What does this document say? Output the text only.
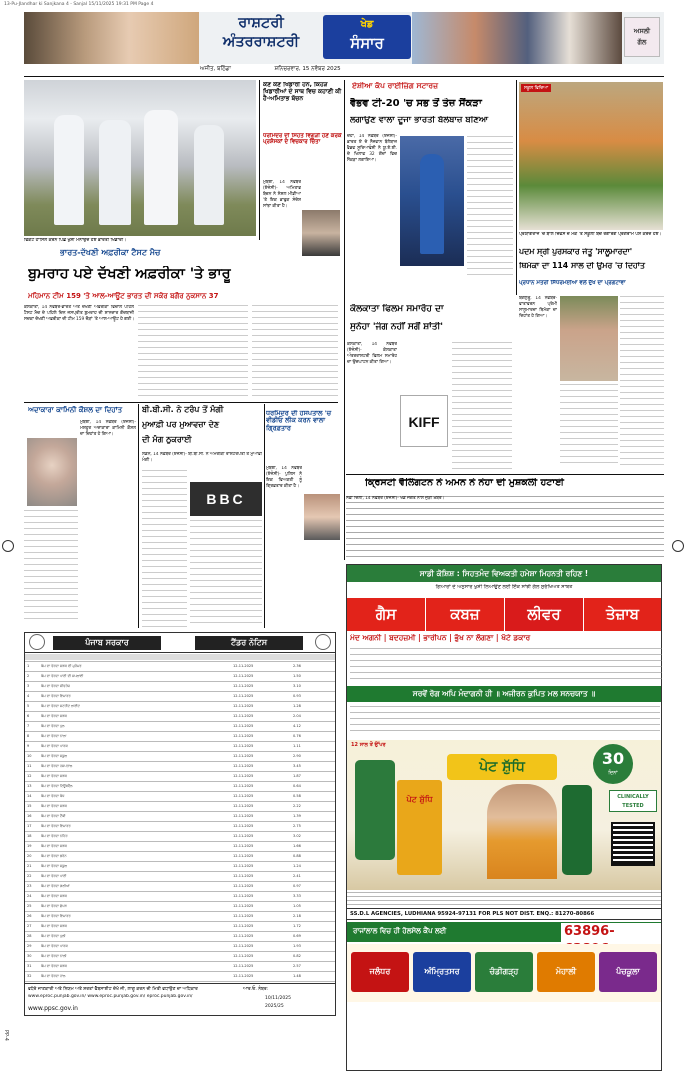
PP-4
13-Pu-Jlandhar ki Sanjkana 4 - Sanjal 15/11/2025 19:31 PM Page 4
ਰਾਸ਼ਟਰੀ
ਅੰਤਰਰਾਸ਼ਟਰੀ
ਖੇਡ
ਸੰਸਾਰ
ਅਸਲੀ
ਗੱਲ
ਅਜੀਤ, ਬਠਿੰਡਾ	ਸ਼ਨਿਚਰਵਾਰ, 15 ਨਵੰਬਰ 2025
ਵਿਕਟ ਹਾਸਿਲ ਕਰਨ ਪਿੱਛੋਂ ਖੁਸ਼ੀ ਮਨਾਉਂਦੇ ਹੋਏ ਭਾਰਤੀ ਖਿਡਾਰੀ।
ਭਾਰਤ-ਦੱਖਣੀ ਅਫ਼ਰੀਕਾ ਟੈਸਟ ਮੈਚ
ਬੁਮਰਾਹ ਪਏ ਦੱਖਣੀ ਅਫ਼ਰੀਕਾ 'ਤੇ ਭਾਰੂ
ਮਹਿਮਾਨ ਟੀਮ 159 'ਤੇ ਆਲ-ਆਊਟ ਭਾਰਤ ਦੀ ਸਕੋਰ ਬਗੈਰ ਨੁਕਸਾਨ 37
ਕੋਲਕਾਤਾ, 14 ਨਵੰਬਰ-ਭਾਰਤ ਅਤੇ ਦੱਖਣੀ ਅਫ਼ਰੀਕਾ ਵਿਚਾਲੇ ਪਹਿਲੇ ਟੈਸਟ ਮੈਚ ਦੇ ਪਹਿਲੇ ਦਿਨ ਜਸਪ੍ਰੀਤ ਬੁਮਰਾਹ ਦੀ ਸ਼ਾਨਦਾਰ ਗੇਂਦਬਾਜ਼ੀ ਸਦਕਾ ਦੱਖਣੀ ਅਫ਼ਰੀਕਾ ਦੀ ਟੀਮ 159 ਦੌੜਾਂ 'ਤੇ ਆਲ-ਆਊਟ ਹੋ ਗਈ।
ਕੌਣ ਕੌਣ ਖਿਡਾਰੀ ਹਨ, ਕਿਹੜੇ ਖਿਡਾਰੀਆਂ ਦੇ ਸਾਥ ਵਿਚ ਕਹਾਣੀ ਕੀ ਹੈ-ਅਮਿਤਾਭ ਬੱਚਨ
ਧਰਮਿੰਦਰ ਦੀ ਸਿਹਤ ਵਿਗੜੀ ਹੋਣ ਕਰਕੇ ਪ੍ਰਸ਼ੰਸਕਾਂ ਦੇ ਵਿਚਕਾਰ ਚਿੰਤਾ
ਮੁੰਬਈ, 14 ਨਵੰਬਰ (ਏਜੰਸੀ)- ਅਮਿਤਾਭ ਬੱਚਨ ਨੇ ਸੋਸ਼ਲ ਮੀਡੀਆ 'ਤੇ ਇਕ ਭਾਵੁਕ ਸੰਦੇਸ਼ ਸਾਂਝਾ ਕੀਤਾ ਹੈ।
ਏਸ਼ੀਆ ਕੱਪ ਰਾਈਜ਼ਿੰਗ ਸਟਾਰਜ਼
ਵੈਭਵ ਟੀ-20 'ਚ ਸਭ ਤੋਂ ਤੇਜ਼ ਸੈਂਕੜਾ
ਲਗਾਉਣ ਵਾਲਾ ਦੂਜਾ ਭਾਰਤੀ ਬੱਲੇਬਾਜ਼ ਬਣਿਆ
ਦੋਹਾ, 14 ਨਵੰਬਰ (ਏਜੰਸੀ)- ਭਾਰਤ ਏ ਦੇ ਨੌਜਵਾਨ ਬੱਲੇਬਾਜ਼ ਵੈਭਵ ਸੂਰਿਆਵੰਸ਼ੀ ਨੇ ਯੂ.ਏ.ਈ. ਦੇ ਖਿਲਾਫ 32 ਗੇਂਦਾਂ ਵਿਚ ਸੈਂਕੜਾ ਲਗਾਇਆ।
ਕੋਲਕਾਤਾ ਫਿਲਮ ਸਮਾਰੋਹ ਦਾ
ਸੁਨੇਹਾ 'ਜੰਗ ਨਹੀਂ ਸਗੋਂ ਸ਼ਾਂਤੀ'
ਕੋਲਕਾਤਾ, 14 ਨਵੰਬਰ (ਏਜੰਸੀ)- ਕੋਲਕਾਤਾ ਅੰਤਰਰਾਸ਼ਟਰੀ ਫਿਲਮ ਸਮਾਰੋਹ ਦਾ ਉਦਘਾਟਨ ਕੀਤਾ ਗਿਆ।
KIFF
ਸਕੂਲ ਵਿਦਿਆ
ਪ੍ਰਯਾਗਰਾਜ 'ਚ ਬਾਲ ਦਿਵਸ ਦੇ ਮੌਕੇ 'ਤੇ ਸਕੂਲੀ ਬੱਚੇ ਰੰਗਾਰੰਗ ਪ੍ਰੋਗਰਾਮ ਪੇਸ਼ ਕਰਦੇ ਹੋਏ।
ਪਦਮ ਸ੍ਰੀ ਪੁਰਸਕਾਰ ਜੇਤੂ 'ਸਾਲੂਮਾਰਦਾ'
ਥਿਮੱਕਾ ਦਾ 114 ਸਾਲ ਦੀ ਉਮਰ 'ਚ ਦਿਹਾਂਤ
ਪ੍ਰਧਾਨ ਮੰਤਰੀ ਸਿੱਧਰਮਈਆ ਵਲੋਂ ਦੁੱਖ ਦਾ ਪ੍ਰਗਟਾਵਾ
ਬੈਂਗਲੁਰੂ, 14 ਨਵੰਬਰ- ਵਾਤਾਵਰਨ ਪ੍ਰੇਮੀ ਸਾਲੂਮਾਰਦਾ ਥਿਮੱਕਾ ਦਾ ਦਿਹਾਂਤ ਹੋ ਗਿਆ।
ਕ੍ਰਿਸਟੀ ਵੈਲਿੰਗਟਨ ਨੇ ਅਮਨ ਨੇ ਨੇਹਾ ਦੀ ਮੁਸ਼ਕਲੀ ਹਟਾਈ
ਨਵੀਂ ਦਿੱਲੀ, 14 ਨਵੰਬਰ (ਏਜੰਸੀ)- ਖੇਡ ਜਗਤ ਨਾਲ ਜੁੜੀ ਖ਼ਬਰ।
ਅਦਾਕਾਰਾ ਕਾਮਿਨੀ ਕੌਸ਼ਲ ਦਾ ਦਿਹਾਂਤ
ਮੁੰਬਈ, 14 ਨਵੰਬਰ (ਏਜੰਸੀ)- ਮਸ਼ਹੂਰ ਅਦਾਕਾਰਾ ਕਾਮਿਨੀ ਕੌਸ਼ਲ ਦਾ ਦਿਹਾਂਤ ਹੋ ਗਿਆ।
ਬੀ.ਬੀ.ਸੀ. ਨੇ ਟਰੰਪ ਤੋਂ ਮੰਗੀ
ਮੁਆਫ਼ੀ ਪਰ ਮੁਆਵਜ਼ਾ ਦੇਣ
ਦੀ ਮੰਗ ਠੁਕਰਾਈ
ਲੰਡਨ, 14 ਨਵੰਬਰ (ਏਜੰਸੀ)- ਬੀ.ਬੀ.ਸੀ. ਨੇ ਅਮਰੀਕੀ ਰਾਸ਼ਟਰਪਤੀ ਤੋਂ ਮੁਆਫ਼ੀ ਮੰਗੀ।
BBC
ਧਰਮਿੰਦਰ ਦੀ ਹਸਪਤਾਲ 'ਚ ਵੀਡੀਓ ਲੀਕ ਕਰਨ ਵਾਲਾ ਗ੍ਰਿਫ਼ਤਾਰ
ਮੁੰਬਈ, 14 ਨਵੰਬਰ (ਏਜੰਸੀ)- ਪੁਲਿਸ ਨੇ ਇਕ ਵਿਅਕਤੀ ਨੂੰ ਗ੍ਰਿਫ਼ਤਾਰ ਕੀਤਾ ਹੈ।
ਪੰਜਾਬ ਸਰਕਾਰ	ਟੈਂਡਰ ਨੋਟਿਸ
1	ਕੰਮ ਦਾ ਵੇਰਵਾ ਸੜਕ ਦੀ ਮੁਰੰਮਤ	12-11-2025	2.36
2	ਕੰਮ ਦਾ ਵੇਰਵਾ ਪਾਣੀ ਦੀ ਸਪਲਾਈ	12-11-2025	1.50
3	ਕੰਮ ਦਾ ਵੇਰਵਾ ਸੀਵਰੇਜ	12-11-2025	3.10
4	ਕੰਮ ਦਾ ਵੇਰਵਾ ਇਮਾਰਤ	12-11-2025	0.93
5	ਕੰਮ ਦਾ ਵੇਰਵਾ ਸਟਰੀਟ ਲਾਈਟ	12-11-2025	1.28
6	ਕੰਮ ਦਾ ਵੇਰਵਾ ਸੜਕ	12-11-2025	2.04
7	ਕੰਮ ਦਾ ਵੇਰਵਾ ਪੁਲ	12-11-2025	4.12
8	ਕੰਮ ਦਾ ਵੇਰਵਾ ਨਾਲਾ	12-11-2025	0.76
9	ਕੰਮ ਦਾ ਵੇਰਵਾ ਪਾਰਕ	12-11-2025	1.11
10	ਕੰਮ ਦਾ ਵੇਰਵਾ ਸਕੂਲ	12-11-2025	2.90
11	ਕੰਮ ਦਾ ਵੇਰਵਾ ਹਸਪਤਾਲ	12-11-2025	3.45
12	ਕੰਮ ਦਾ ਵੇਰਵਾ ਸੜਕ	12-11-2025	1.87
13	ਕੰਮ ਦਾ ਵੇਰਵਾ ਟਿਊਬਵੈੱਲ	12-11-2025	0.64
14	ਕੰਮ ਦਾ ਵੇਰਵਾ ਕੰਧ	12-11-2025	0.58
15	ਕੰਮ ਦਾ ਵੇਰਵਾ ਸੜਕ	12-11-2025	2.22
16	ਕੰਮ ਦਾ ਵੇਰਵਾ ਟੈਂਕੀ	12-11-2025	1.39
17	ਕੰਮ ਦਾ ਵੇਰਵਾ ਇਮਾਰਤ	12-11-2025	2.75
18	ਕੰਮ ਦਾ ਵੇਰਵਾ ਨਹਿਰ	12-11-2025	3.02
19	ਕੰਮ ਦਾ ਵੇਰਵਾ ਸੜਕ	12-11-2025	1.66
20	ਕੰਮ ਦਾ ਵੇਰਵਾ ਡਰੇਨ	12-11-2025	0.88
21	ਕੰਮ ਦਾ ਵੇਰਵਾ ਸਕੂਲ	12-11-2025	1.24
22	ਕੰਮ ਦਾ ਵੇਰਵਾ ਪਾਣੀ	12-11-2025	2.41
23	ਕੰਮ ਦਾ ਵੇਰਵਾ ਗਲੀਆਂ	12-11-2025	0.97
24	ਕੰਮ ਦਾ ਵੇਰਵਾ ਸੜਕ	12-11-2025	3.33
25	ਕੰਮ ਦਾ ਵੇਰਵਾ ਛੱਪੜ	12-11-2025	1.05
26	ਕੰਮ ਦਾ ਵੇਰਵਾ ਇਮਾਰਤ	12-11-2025	2.18
27	ਕੰਮ ਦਾ ਵੇਰਵਾ ਸੜਕ	12-11-2025	1.72
28	ਕੰਮ ਦਾ ਵੇਰਵਾ ਪੁਲੀ	12-11-2025	0.69
29	ਕੰਮ ਦਾ ਵੇਰਵਾ ਪਾਰਕ	12-11-2025	1.93
30	ਕੰਮ ਦਾ ਵੇਰਵਾ ਨਾਲੀ	12-11-2025	0.82
31	ਕੰਮ ਦਾ ਵੇਰਵਾ ਸੜਕ	12-11-2025	2.57
32	ਕੰਮ ਦਾ ਵੇਰਵਾ ਹਾਲ	12-11-2025	1.48
ਵਧੇਰੇ ਜਾਣਕਾਰੀ ਅਤੇ ਨਿਯਮ ਅਤੇ ਸ਼ਰਤਾਂ ਵੈੱਬਸਾਈਟ ਦੇਖੋ ਜੀ, ਲਾਗੂ ਕਰਨ ਦੀ ਮਿਤੀ ਵਧਾਉਣ ਦਾ ਅਧਿਕਾਰ
www.eproc.punjab.gov.in/ www.eproc.punjab.gov.in/ eproc.punjab.gov.in/
www.ppsc.gov.in
ਆਰ.ਓ. ਨੰਬਰ:
10/11/2025
2025/25
ਸਾਡੀ ਕੋਸ਼ਿਸ਼ : ਸਿਹਤਮੰਦ ਵਿਅਕਤੀ ਹਮੇਸ਼ਾ ਮਿਹਨਤੀ ਰਹਿਣ !
ਗਿਆਰਾਂ ਦੇ ਅਨੁਸਾਰ ਖੁਸ਼ੀ ਲਿਆਉਣ ਲਈ ਇੱਕ ਸਾਂਝੀ ਗੱਲ ਸੁਰੱਖਿਅਤ ਸਾਬਤ
ਗੈਸ	ਕਬਜ਼	ਲੀਵਰ	ਤੇਜ਼ਾਬ
ਮੰਦ ਅਗਨੀ | ਬਦਹਜ਼ਮੀ | ਭਾਰੀਪਨ | ਭੁੱਖ ਨਾ ਲੱਗਣਾ | ਖੱਟੇ ਡਕਾਰ
ਸਰਵੋਂ ਰੋਗ ਅਪਿ ਮੰਦਾਗਨੀ ਹੀ ॥ ਅਜੀਰਨ ਕੁਪਿਤ ਮਲ ਸਨਚਯਾਤ ॥
12 ਸਾਲ ਤੋਂ ਉੱਪਰ
ਪੇਟ ਸ਼ੁੱਧਿ
ਪੇਟ ਸ਼ੁੱਧਿ	30
ਦਿਨਾਂ
CLINICALLY
TESTED
SS.D.L AGENCIES, LUDHIANA 95924-97131 FOR PLS NOT DIST. ENQ.: 81270-80866
ਰਾਜਾਂਲਾਲ ਵਿਚ ਹੀ ਹੋਲਸੇਲ ਕੈਂਪ ਲਈ	63896-
ਜਲੰਧਰ	ਅੰਮ੍ਰਿਤਸਰ	ਚੰਡੀਗੜ੍ਹ	ਮੋਹਾਲੀ	ਪੰਚਕੂਲਾ
